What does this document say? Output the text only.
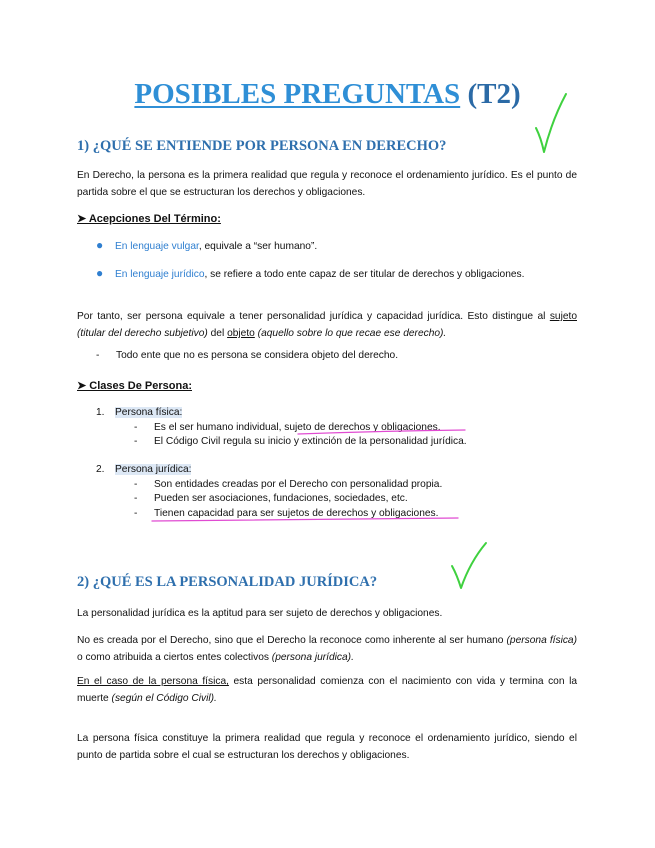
POSIBLES PREGUNTAS (T2)
1) ¿QUÉ SE ENTIENDE POR PERSONA EN DERECHO?

En Derecho, la persona es la primera realidad que regula y reconoce el ordenamiento jurídico. Es el punto de partida sobre el que se estructuran los derechos y obligaciones.

➤ Acepciones Del Término:

● En lenguaje vulgar, equivale a “ser humano”.
● En lenguaje jurídico, se refiere a todo ente capaz de ser titular de derechos y obligaciones.

Por tanto, ser persona equivale a tener personalidad jurídica y capacidad jurídica. Esto distingue al sujeto (titular del derecho subjetivo) del objeto (aquello sobre lo que recae ese derecho).

- Todo ente que no es persona se considera objeto del derecho.

➤ Clases De Persona:

1. Persona física:
- Es el ser humano individual, sujeto de derechos y obligaciones.
- El Código Civil regula su inicio y extinción de la personalidad jurídica.
2. Persona jurídica:
- Son entidades creadas por el Derecho con personalidad propia.
- Pueden ser asociaciones, fundaciones, sociedades, etc.
- Tienen capacidad para ser sujetos de derechos y obligaciones.
2) ¿QUÉ ES LA PERSONALIDAD JURÍDICA?

La personalidad jurídica es la aptitud para ser sujeto de derechos y obligaciones.

No es creada por el Derecho, sino que el Derecho la reconoce como inherente al ser humano (persona física) o como atribuida a ciertos entes colectivos (persona jurídica).

En el caso de la persona física, esta personalidad comienza con el nacimiento con vida y termina con la muerte (según el Código Civil).

La persona física constituye la primera realidad que regula y reconoce el ordenamiento jurídico, siendo el punto de partida sobre el cual se estructuran los derechos y obligaciones.
